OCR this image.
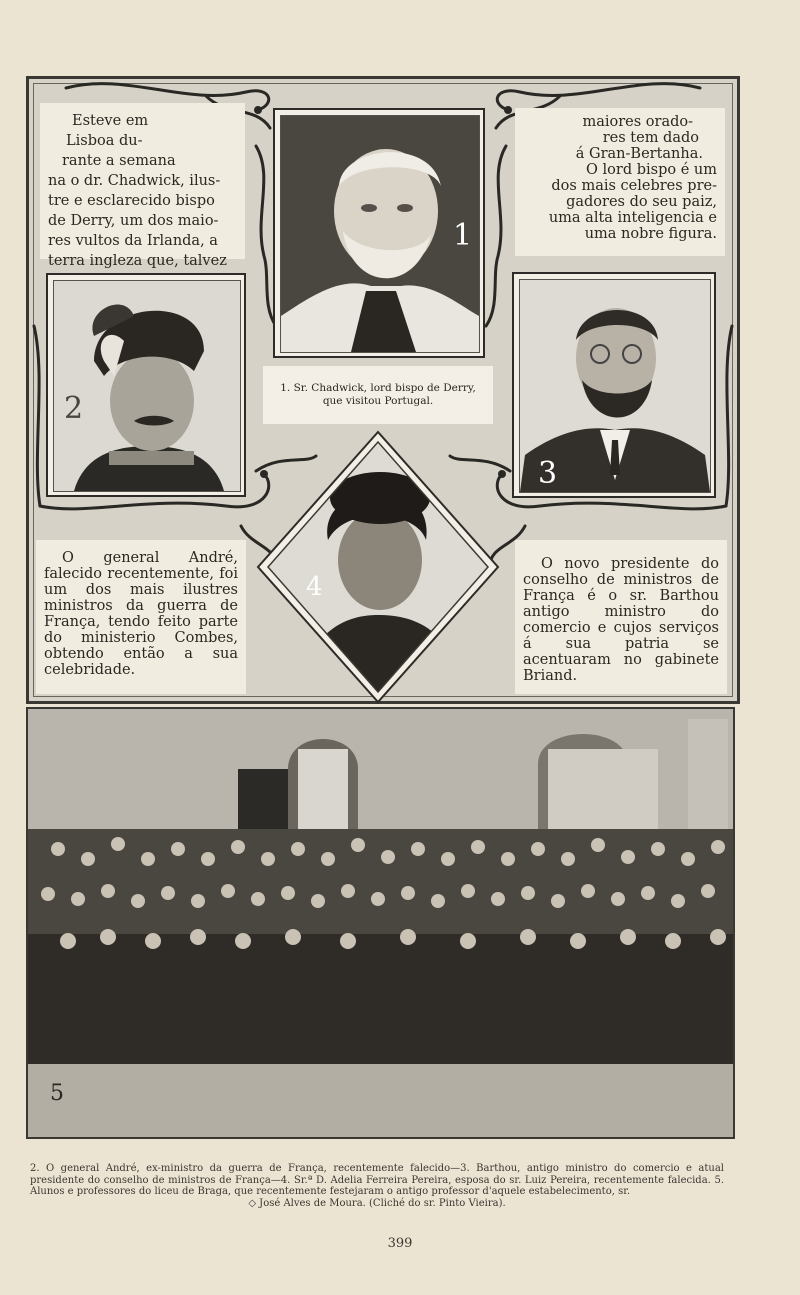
Esteve em

Lisboa du-

rante a semana

na o dr. Chadwick, ilus-

tre e esclarecido bispo

de Derry, um dos maio-

res vultos da Irlanda, a

terra ingleza que, talvez

maiores orado-

res tem dado

á Gran-Bertanha.

O lord bispo é um

dos mais celebres pre-

gadores do seu paiz,

uma alta inteligencia e

uma nobre figura.

O general André, falecido recentemente, foi um dos mais ilustres ministros da guerra de França, tendo feito parte do ministerio Combes, obtendo então a sua celebridade.

O novo presidente do conselho de ministros de França é o sr. Barthou antigo ministro do comercio e cujos serviços á sua patria se acentuaram no gabinete Briand.

1
1. Sr. Chadwick, lord bispo de Derry,
que visitou Portugal.
2
3
4
5
2. O general André, ex-ministro da guerra de França, recentemente falecido—3. Barthou, antigo ministro do comercio e atual presidente do conselho de ministros de França—4. Sr.ª D. Adelia Ferreira Pereira, esposa do sr. Luiz Pereira, recentemente falecida. 5. Alunos e professores do liceu de Braga, que recentemente festejaram o antigo professor d'aquele estabelecimento, sr.
◇ José Alves de Moura. (Cliché do sr. Pinto Vieira).
399
